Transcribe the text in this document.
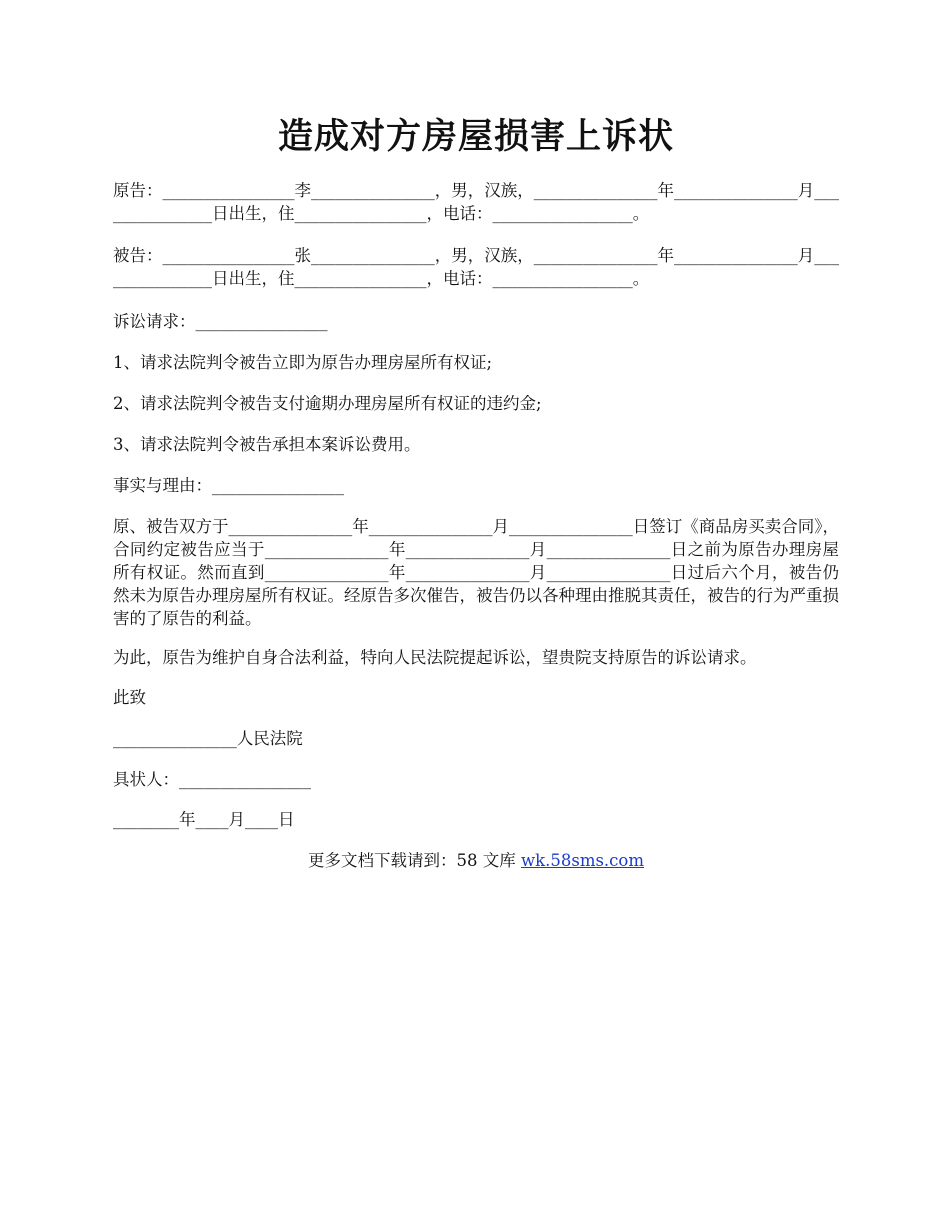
造成对方房屋损害上诉状
原告：________________李_______________，男，汉族，_______________年_______________月_______________日出生，住________________，电话：_________________。
被告：________________张_______________，男，汉族，_______________年_______________月_______________日出生，住________________，电话：_________________。
诉讼请求：________________
1、请求法院判令被告立即为原告办理房屋所有权证;
2、请求法院判令被告支付逾期办理房屋所有权证的违约金;
3、请求法院判令被告承担本案诉讼费用。
事实与理由：________________
原、被告双方于_______________年_______________月_______________日签订《商品房买卖合同》，合同约定被告应当于_______________年_______________月_______________日之前为原告办理房屋所有权证。然而直到_______________年_______________月_______________日过后六个月，被告仍然未为原告办理房屋所有权证。经原告多次催告，被告仍以各种理由推脱其责任，被告的行为严重损害的了原告的利益。
为此，原告为维护自身合法利益，特向人民法院提起诉讼，望贵院支持原告的诉讼请求。
此致
_______________人民法院
具状人：________________
________年____月____日
更多文档下载请到：58 文库 wk.58sms.com
